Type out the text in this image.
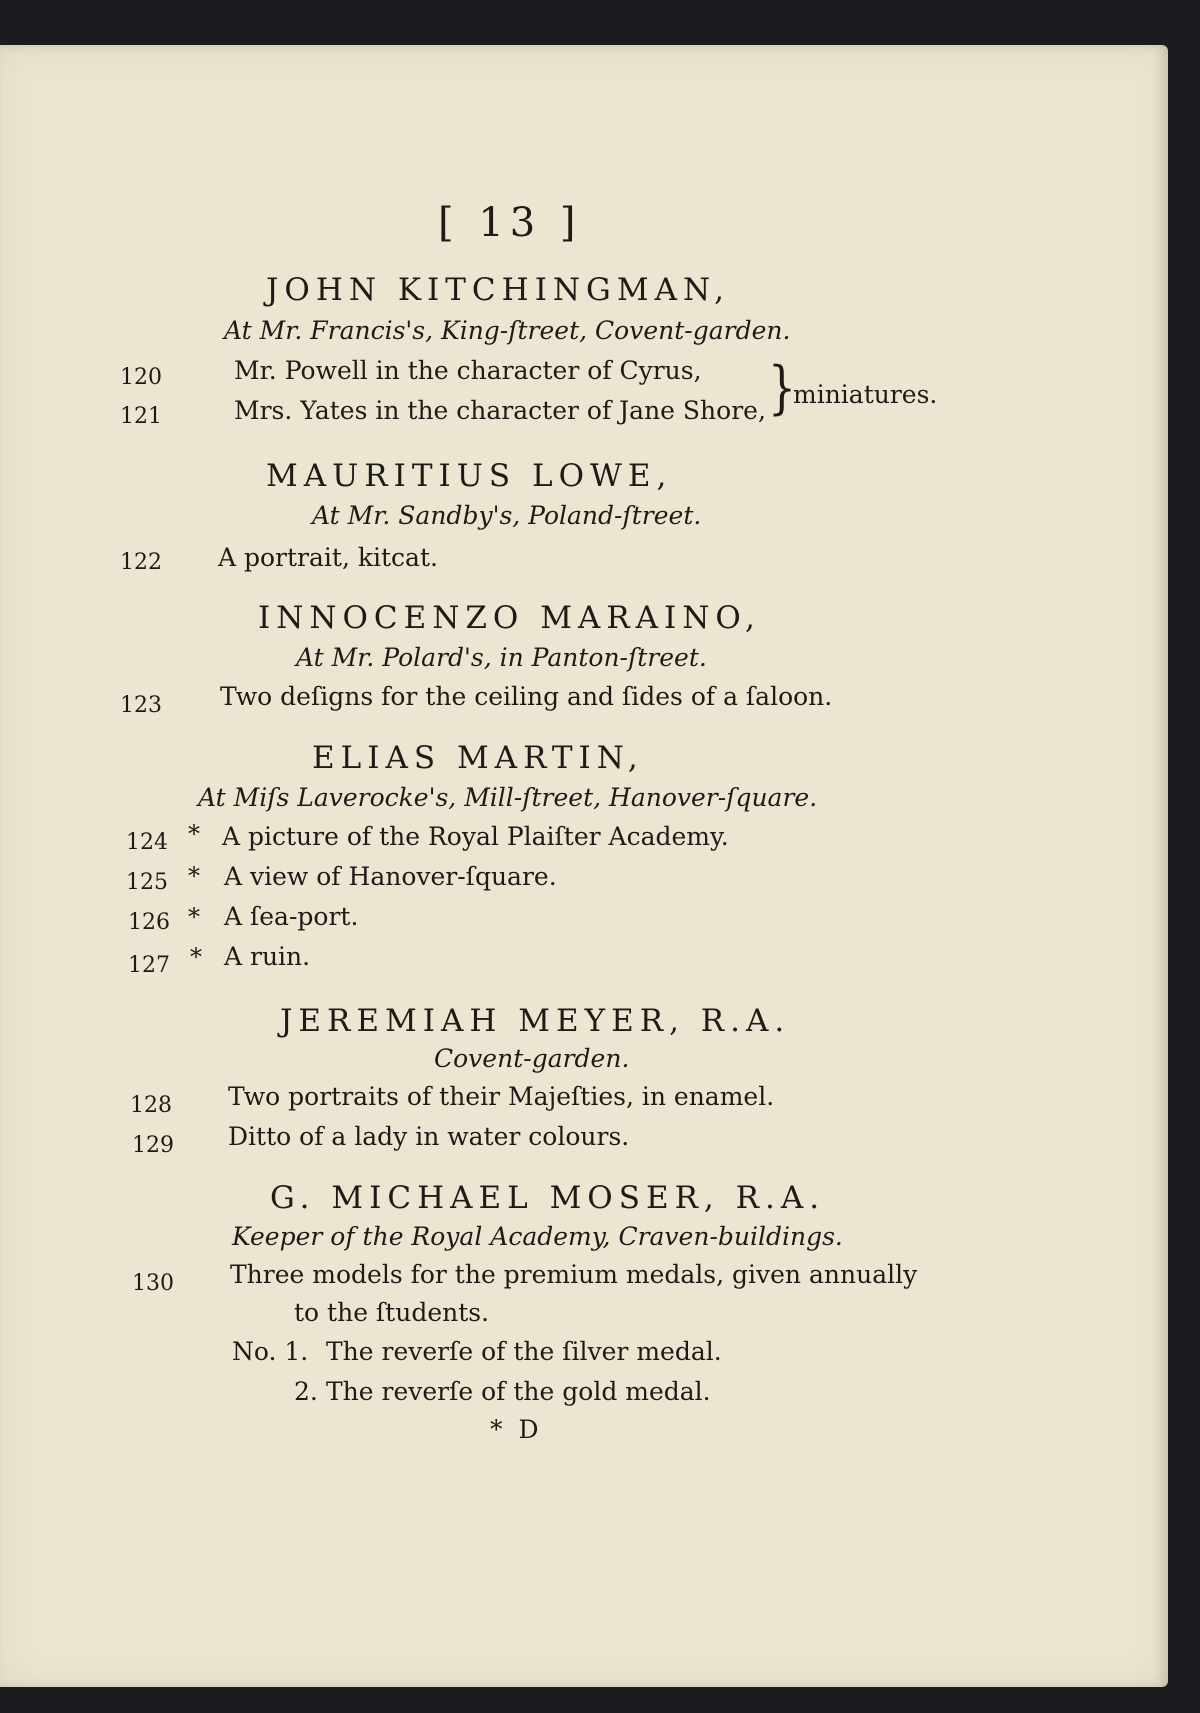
[ 13 ]
JOHN KITCHINGMAN,
At Mr. Francis's, King-ſtreet, Covent-garden.
120	Mr. Powell in the character of Cyrus,
121	Mrs. Yates in the character of Jane Shore, }
miniatures.
MAURITIUS LOWE,
At Mr. Sandby's, Poland-ſtreet.
122 A portrait, kitcat.
INNOCENZO MARAINO,
At Mr. Polard's, in Panton-ſtreet.
123 Two deſigns for the ceiling and ſides of a ſaloon.
ELIAS MARTIN,
At Miſs Laverocke's, Mill-ſtreet, Hanover-ſquare.
124 * A picture of the Royal Plaiſter Academy.
125 * A view of Hanover-ſquare.
126 * A ſea-port.
127 * A ruin.
JEREMIAH MEYER, R.A.
Covent-garden.
128 Two portraits of their Majeſties, in enamel.
129 Ditto of a lady in water colours.
G. MICHAEL MOSER, R.A.
Keeper of the Royal Academy, Craven-buildings.
130 Three models for the premium medals, given annually
to the ſtudents.
No. 1. The reverſe of the ſilver medal.
2. The reverſe of the gold medal.
* D
